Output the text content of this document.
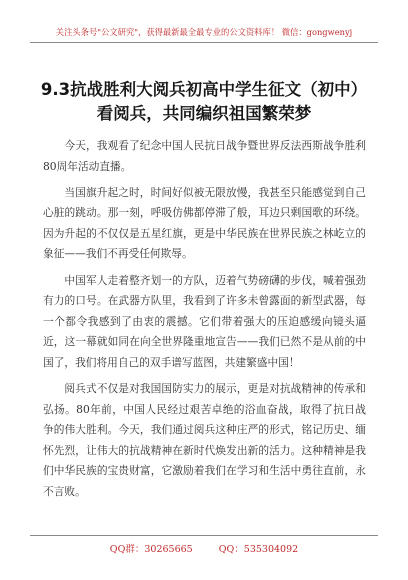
关注头条号"公文研究"，获得最新最全最专业的公文资料库！ 微信：gongwenyj
9.3抗战胜利大阅兵初高中学生征文（初中）
看阅兵，共同编织祖国繁荣梦

今天，我观看了纪念中国人民抗日战争暨世界反法西斯战争胜利80周年活动直播。

当国旗升起之时，时间好似被无限放慢，我甚至只能感觉到自己心脏的跳动。那一刻，呼吸仿佛都停滞了般，耳边只剩国歌的环绕。因为升起的不仅仅是五星红旗，更是中华民族在世界民族之林屹立的象征——我们不再受任何欺辱。

中国军人走着整齐划一的方队，迈着气势磅礴的步伐，喊着强劲有力的口号。在武器方队里，我看到了许多未曾露面的新型武器，每一个都令我感到了由衷的震撼。它们带着强大的压迫感缓向镜头逼近，这一幕就如同在向全世界隆重地宣告——我们已然不是从前的中国了，我们将用自己的双手谱写蓝图，共建繁盛中国！

阅兵式不仅是对我国国防实力的展示，更是对抗战精神的传承和弘扬。80年前，中国人民经过艰苦卓绝的浴血奋战，取得了抗日战争的伟大胜利。今天，我们通过阅兵这种庄严的形式，铭记历史、缅怀先烈，让伟大的抗战精神在新时代焕发出新的活力。这种精神是我们中华民族的宝贵财富，它激励着我们在学习和生活中勇往直前，永不言败。

QQ群：30265665	QQ：535304092
